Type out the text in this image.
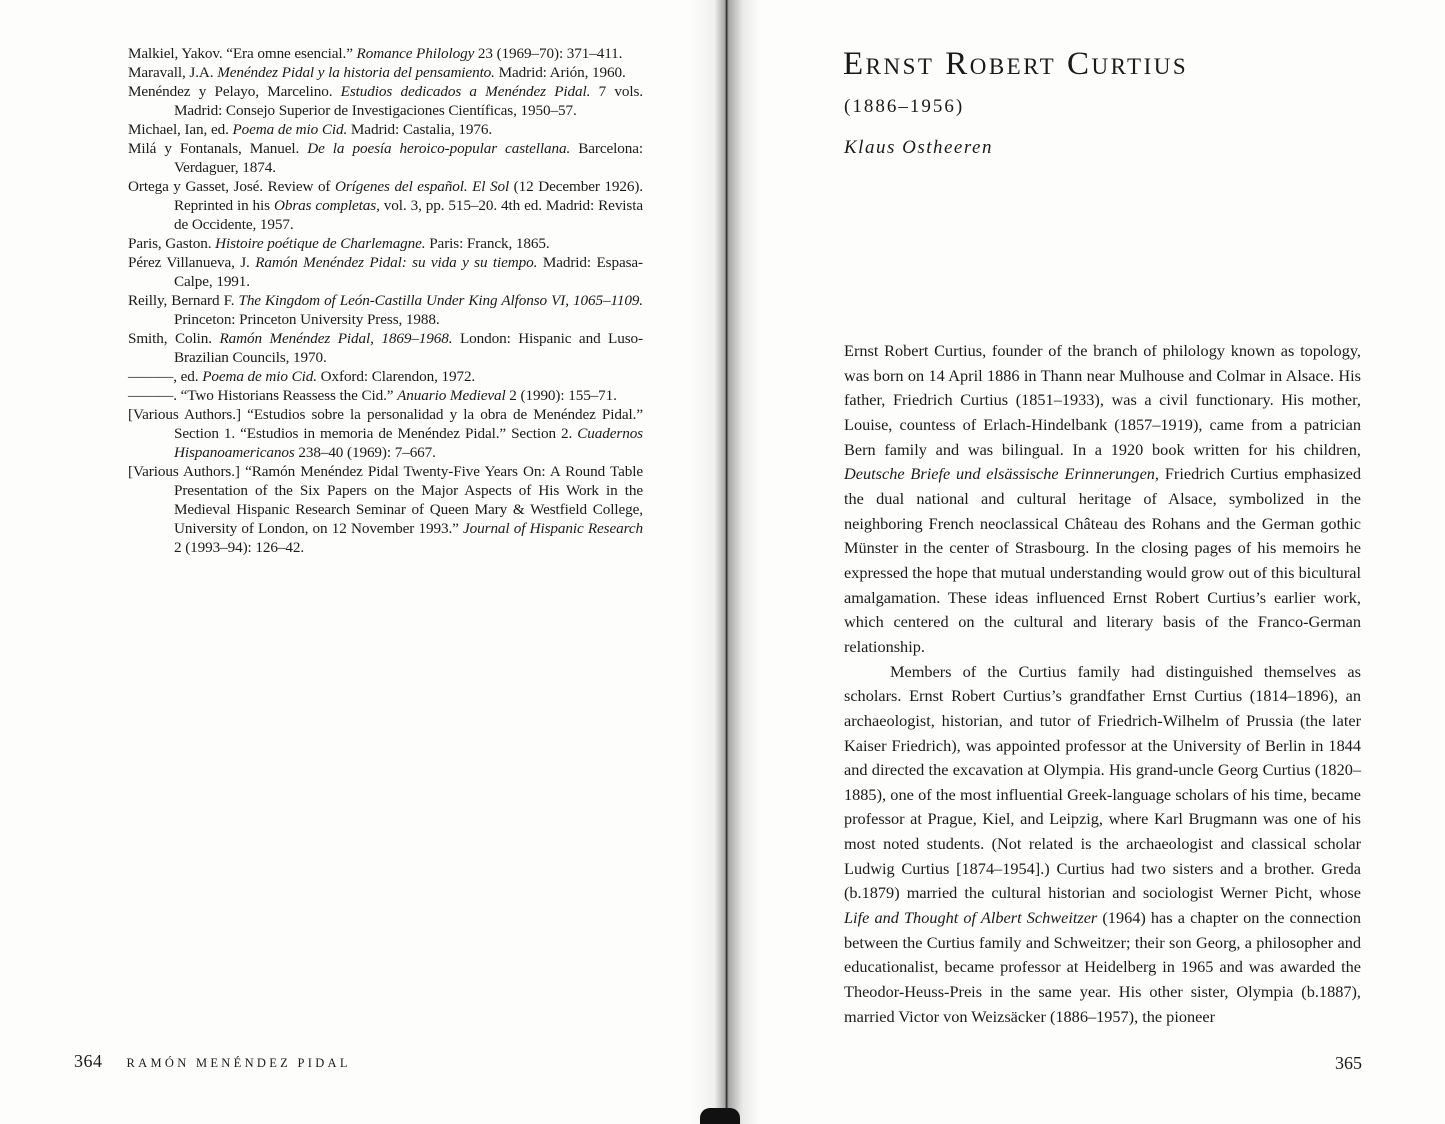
Malkiel, Yakov. “Era omne esencial.” Romance Philology 23 (1969–70): 371–411.

Maravall, J.A. Menéndez Pidal y la historia del pensamiento. Madrid: Arión, 1960.

Menéndez y Pelayo, Marcelino. Estudios dedicados a Menéndez Pidal. 7 vols. Madrid: Consejo Superior de Investigaciones Científicas, 1950–57.

Michael, Ian, ed. Poema de mio Cid. Madrid: Castalia, 1976.

Milá y Fontanals, Manuel. De la poesía heroico-popular castellana. Barcelona: Verdaguer, 1874.

Ortega y Gasset, José. Review of Orígenes del español. El Sol (12 December 1926). Reprinted in his Obras completas, vol. 3, pp. 515–20. 4th ed. Madrid: Revista de Occidente, 1957.

Paris, Gaston. Histoire poétique de Charlemagne. Paris: Franck, 1865.

Pérez Villanueva, J. Ramón Menéndez Pidal: su vida y su tiempo. Madrid: Espasa-Calpe, 1991.

Reilly, Bernard F. The Kingdom of León-Castilla Under King Alfonso VI, 1065–1109. Princeton: Princeton University Press, 1988.

Smith, Colin. Ramón Menéndez Pidal, 1869–1968. London: Hispanic and Luso-Brazilian Councils, 1970.

———, ed. Poema de mio Cid. Oxford: Clarendon, 1972.

———. “Two Historians Reassess the Cid.” Anuario Medieval 2 (1990): 155–71.

[Various Authors.] “Estudios sobre la personalidad y la obra de Menéndez Pidal.” Section 1. “Estudios in memoria de Menéndez Pidal.” Section 2. Cuadernos Hispanoamericanos 238–40 (1969): 7–667.

[Various Authors.] “Ramón Menéndez Pidal Twenty-Five Years On: A Round Table Presentation of the Six Papers on the Major Aspects of His Work in the Medieval Hispanic Research Seminar of Queen Mary & Westfield College, University of London, on 12 November 1993.” Journal of Hispanic Research 2 (1993–94): 126–42.

364 RAMÓN MENÉNDEZ PIDAL
Ernst Robert Curtius
(1886–1956)
Klaus Ostheeren

Ernst Robert Curtius, founder of the branch of philology known as topology, was born on 14 April 1886 in Thann near Mulhouse and Colmar in Alsace. His father, Friedrich Curtius (1851–1933), was a civil functionary. His mother, Louise, countess of Erlach-Hindelbank (1857–1919), came from a patrician Bern family and was bilingual. In a 1920 book written for his children, Deutsche Briefe und elsässische Erinnerungen, Friedrich Curtius emphasized the dual national and cultural heritage of Alsace, symbolized in the neighboring French neoclassical Château des Rohans and the German gothic Münster in the center of Strasbourg. In the closing pages of his memoirs he expressed the hope that mutual understanding would grow out of this bicultural amalgamation. These ideas influenced Ernst Robert Curtius’s earlier work, which centered on the cultural and literary basis of the Franco-German relationship.

Members of the Curtius family had distinguished themselves as scholars. Ernst Robert Curtius’s grandfather Ernst Curtius (1814–1896), an archaeologist, historian, and tutor of Friedrich-Wilhelm of Prussia (the later Kaiser Friedrich), was appointed professor at the University of Berlin in 1844 and directed the excavation at Olympia. His grand-uncle Georg Curtius (1820–1885), one of the most influential Greek-language scholars of his time, became professor at Prague, Kiel, and Leipzig, where Karl Brugmann was one of his most noted students. (Not related is the archaeologist and classical scholar Ludwig Curtius [1874–1954].) Curtius had two sisters and a brother. Greda (b.1879) married the cultural historian and sociologist Werner Picht, whose Life and Thought of Albert Schweitzer (1964) has a chapter on the connection between the Curtius family and Schweitzer; their son Georg, a philosopher and educationalist, became professor at Heidelberg in 1965 and was awarded the Theodor-Heuss-Preis in the same year. His other sister, Olympia (b.1887), married Victor von Weizsäcker (1886–1957), the pioneer

365
